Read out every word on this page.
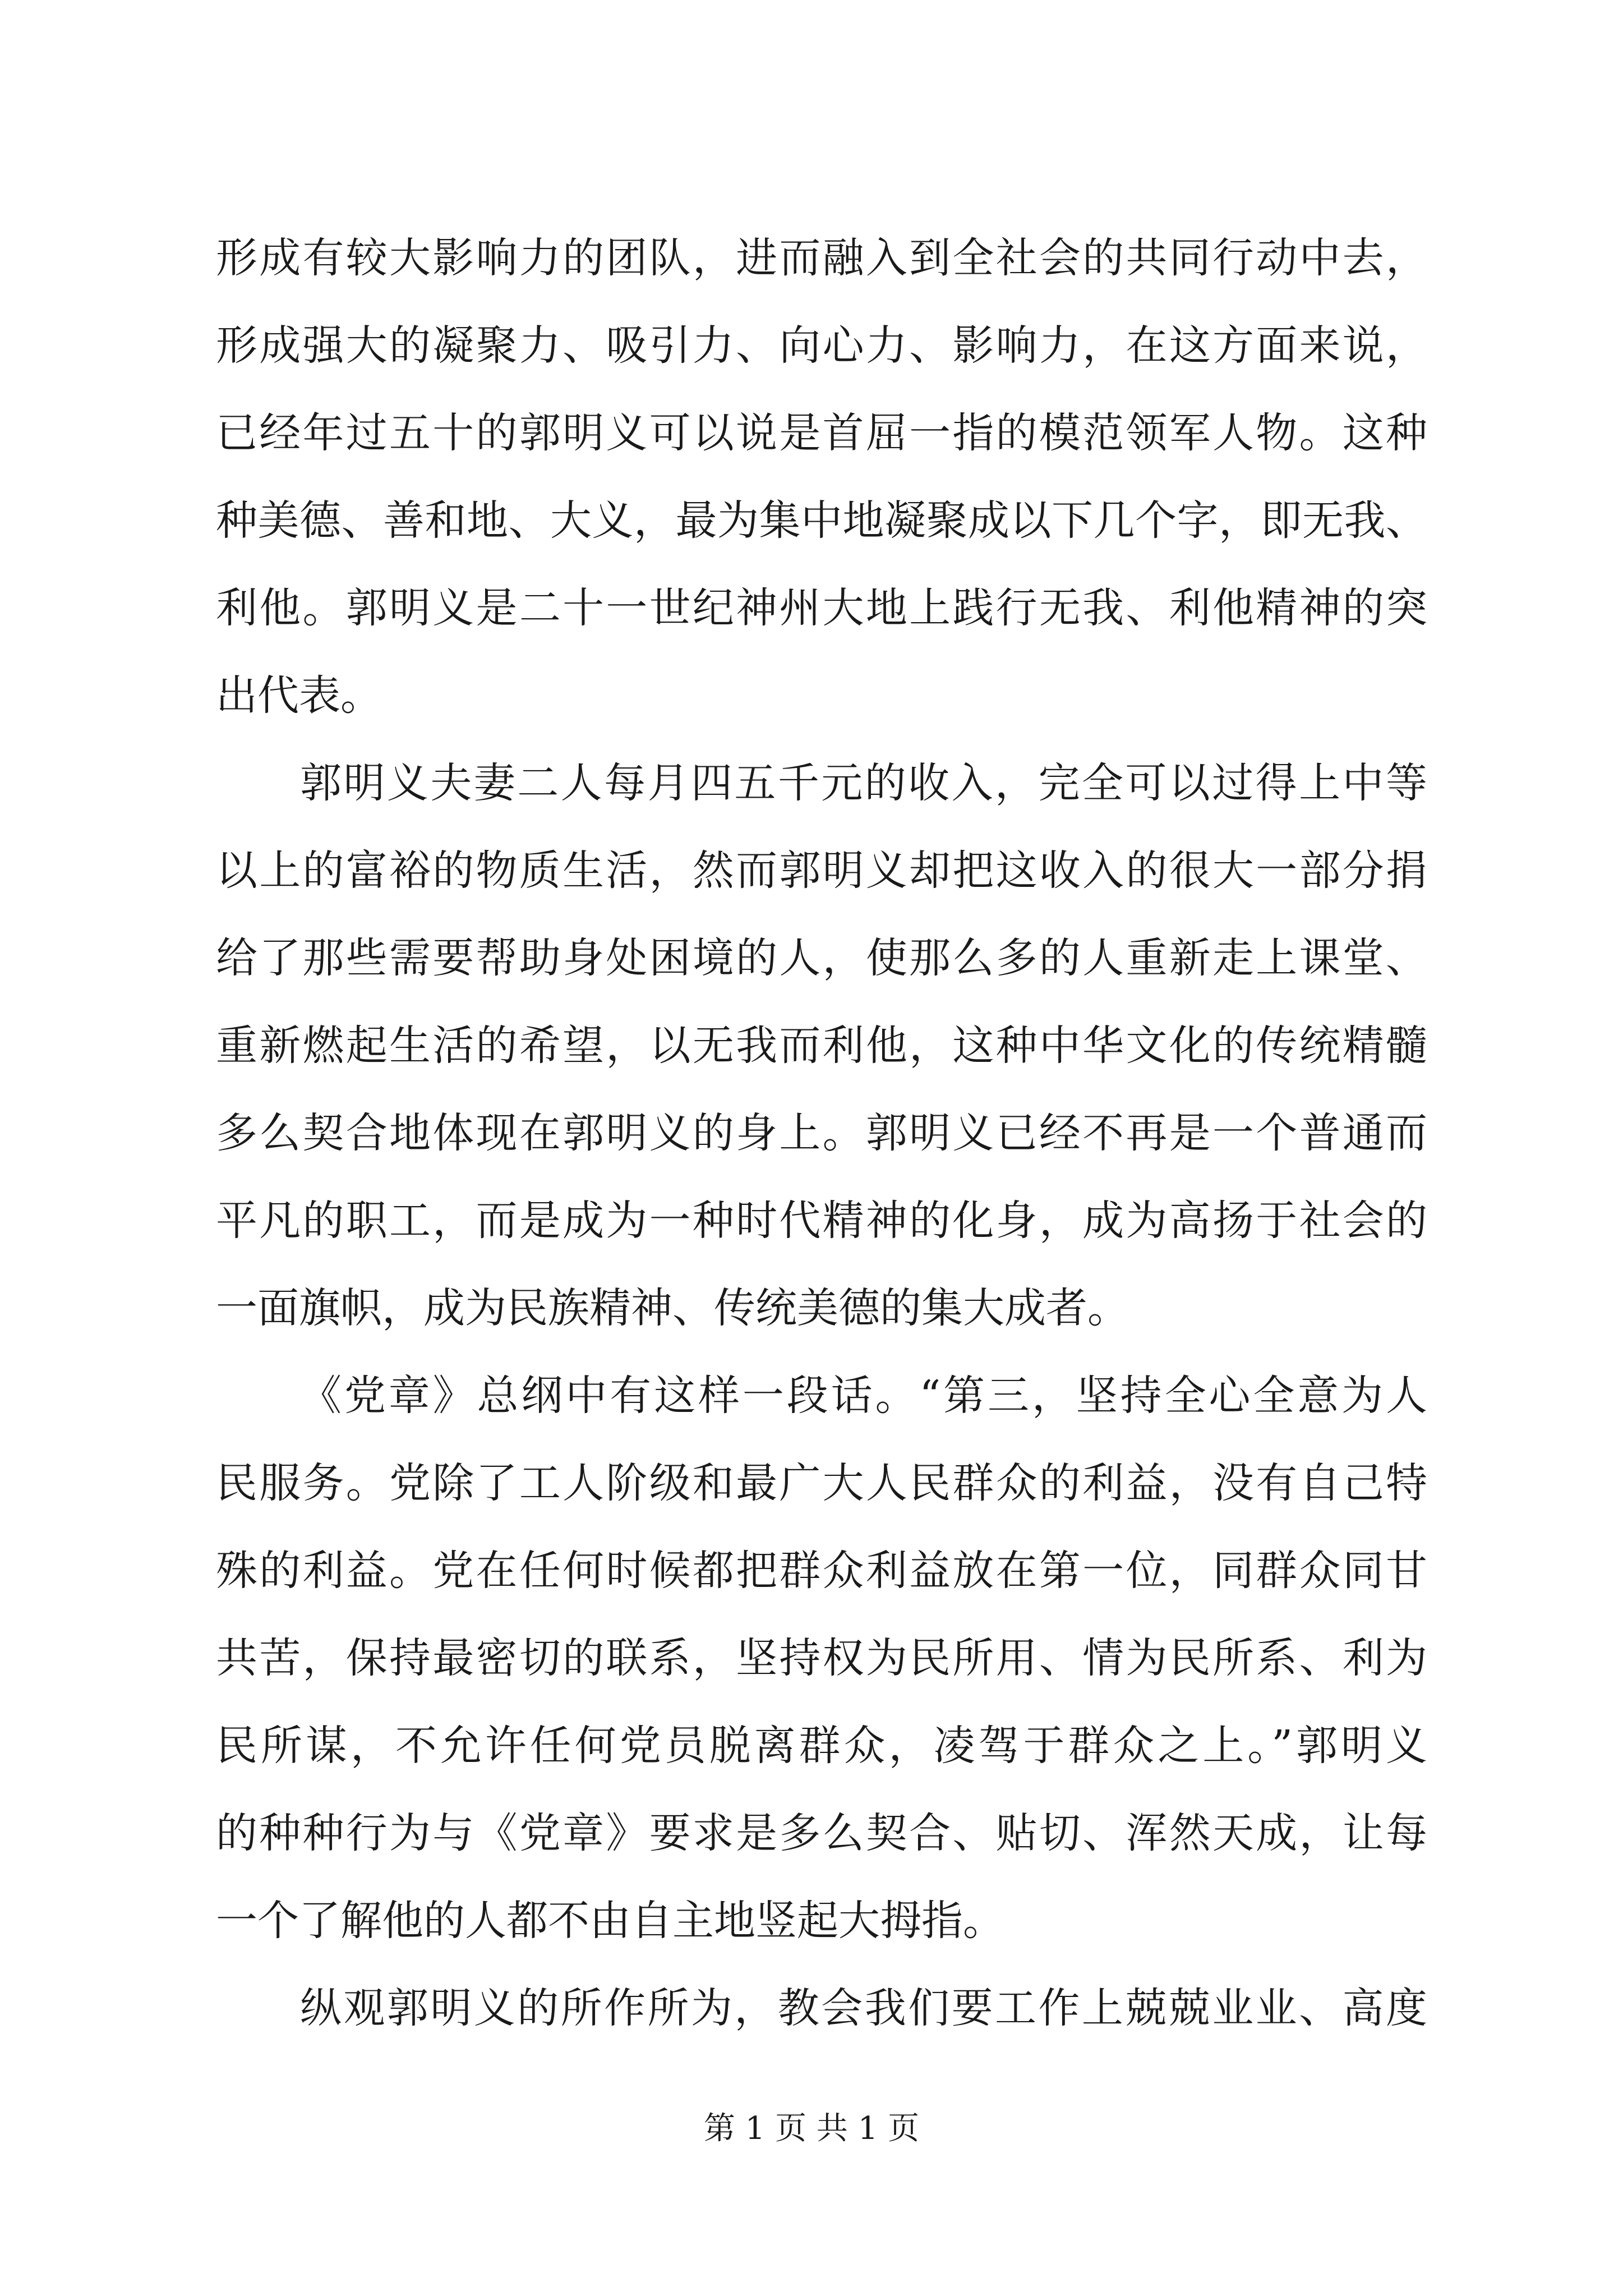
形成有较大影响力的团队，进而融入到全社会的共同行动中去，
形成强大的凝聚力、吸引力、向心力、影响力，在这方面来说，
已经年过五十的郭明义可以说是首屈一指的模范领军人物。这种
种美德、善和地、大义，最为集中地凝聚成以下几个字，即无我、
利他。郭明义是二十一世纪神州大地上践行无我、利他精神的突
出代表。
郭明义夫妻二人每月四五千元的收入，完全可以过得上中等
以上的富裕的物质生活，然而郭明义却把这收入的很大一部分捐
给了那些需要帮助身处困境的人，使那么多的人重新走上课堂、
重新燃起生活的希望，以无我而利他，这种中华文化的传统精髓
多么契合地体现在郭明义的身上。郭明义已经不再是一个普通而
平凡的职工，而是成为一种时代精神的化身，成为高扬于社会的
一面旗帜，成为民族精神、传统美德的集大成者。
《党章》总纲中有这样一段话。“第三，坚持全心全意为人
民服务。党除了工人阶级和最广大人民群众的利益，没有自己特
殊的利益。党在任何时候都把群众利益放在第一位，同群众同甘
共苦，保持最密切的联系，坚持权为民所用、情为民所系、利为
民所谋，不允许任何党员脱离群众，凌驾于群众之上。”郭明义
的种种行为与《党章》要求是多么契合、贴切、浑然天成，让每
一个了解他的人都不由自主地竖起大拇指。
纵观郭明义的所作所为，教会我们要工作上兢兢业业、高度
第 1 页 共 1 页
